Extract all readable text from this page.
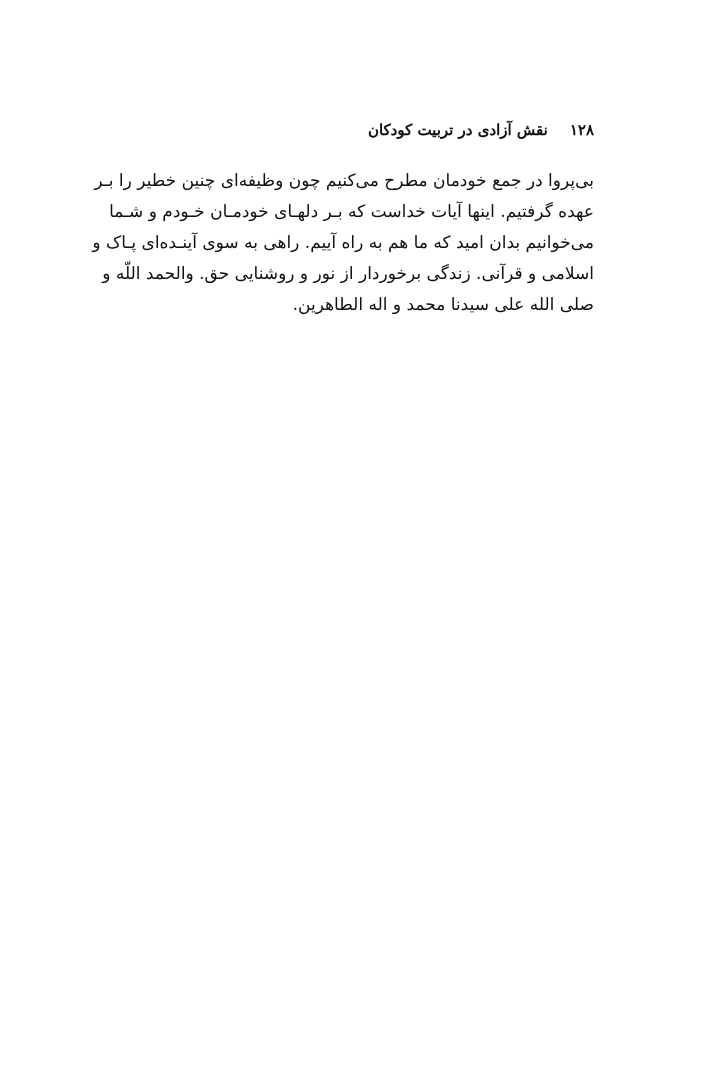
۱۲۸
نقش آزادی در تربیت کودکان
بی‌پروا در جمع خودمان مطرح می‌کنیم چون وظیفه‌ای چنین خطیر را بـر
عهده گرفتیم. اینها آیات خداست که بـر دلهـای خودمـان خـودم و شـما
می‌خوانیم بدان امید که ما هم به راه آییم. راهی به سوی آینـده‌ای پـاک و
اسلامی و قرآنی. زندگی برخوردار از نور و روشنایی حق. والحمد اللّه و
صلی الله علی سیدنا محمد و اله الطاهرین.
